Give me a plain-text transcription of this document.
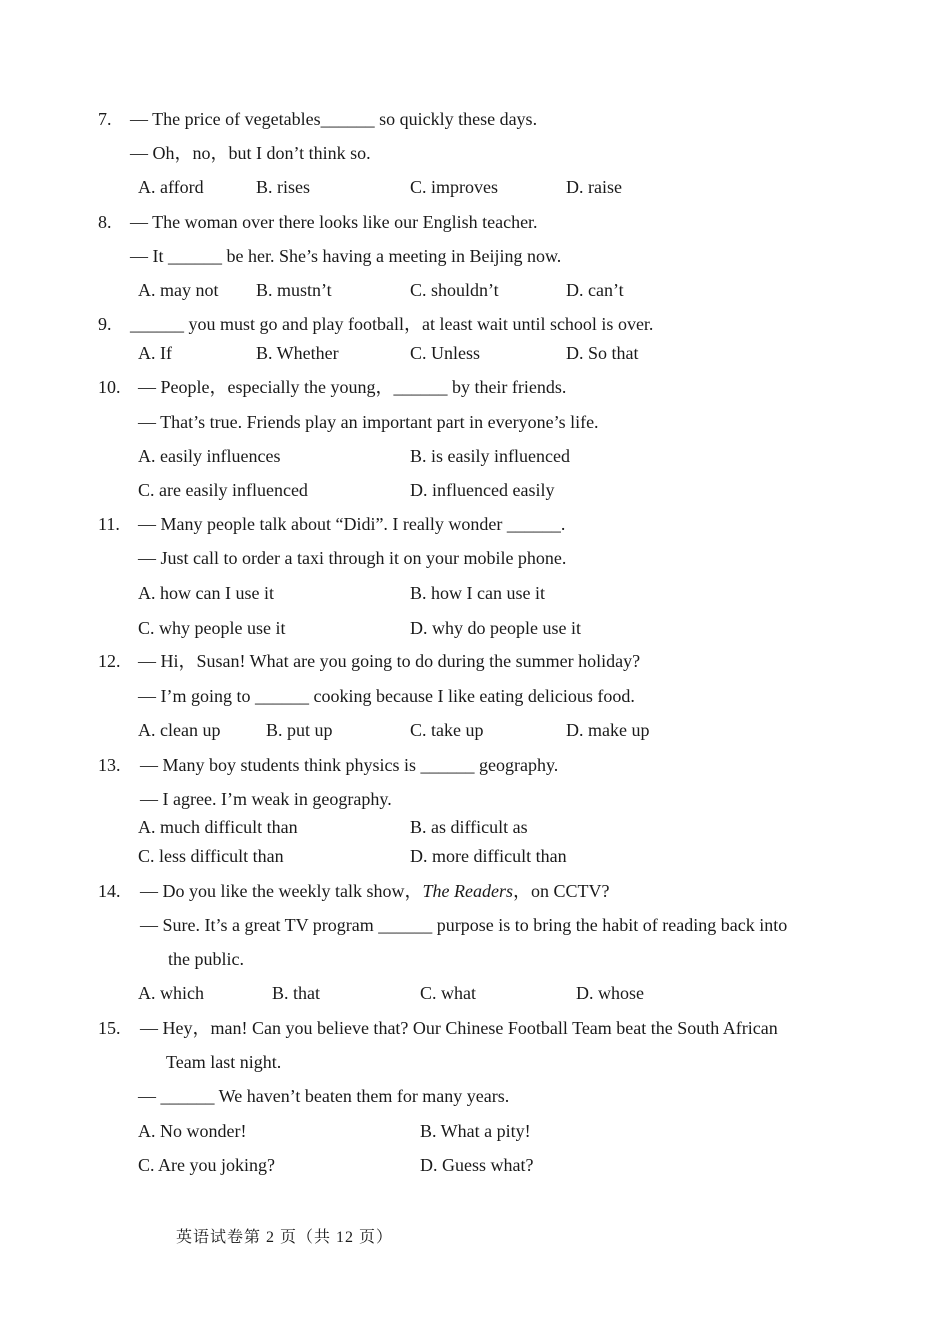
7. — The price of vegetables______ so quickly these days.
— Oh，no，but I don’t think so.
A. afford	B. rises	C. improves	D. raise
8. — The woman over there looks like our English teacher.
— It ______ be her. She’s having a meeting in Beijing now.
A. may not B. mustn’t	C. shouldn’t	D. can’t
9. ______ you must go and play football，at least wait until school is over.
A. If	B. Whether	C. Unless	D. So that
10. — People，especially the young，______ by their friends.
— That’s true. Friends play an important part in everyone’s life.
A. easily influences	B. is easily influenced
C. are easily influenced	D. influenced easily
11. — Many people talk about “Didi”. I really wonder ______.
— Just call to order a taxi through it on your mobile phone.
A. how can I use it	B. how I can use it
C. why people use it	D. why do people use it
12. — Hi，Susan! What are you going to do during the summer holiday?
— I’m going to ______ cooking because I like eating delicious food.
A. clean up	B. put up	C. take up	D. make up
13. — Many boy students think physics is ______ geography.
— I agree. I’m weak in geography.
A. much difficult than	B. as difficult as
C. less difficult than	D. more difficult than
14. — Do you like the weekly talk show，The Readers，on CCTV?
— Sure. It’s a great TV program ______ purpose is to bring the habit of reading back into
the public.
A. which	B. that	C. what	D. whose
15. — Hey，man! Can you believe that? Our Chinese Football Team beat the South African
Team last night.
— ______ We haven’t beaten them for many years.
A. No wonder!	B. What a pity!
C. Are you joking?	D. Guess what?
英语试卷第 2 页（共 12 页）
